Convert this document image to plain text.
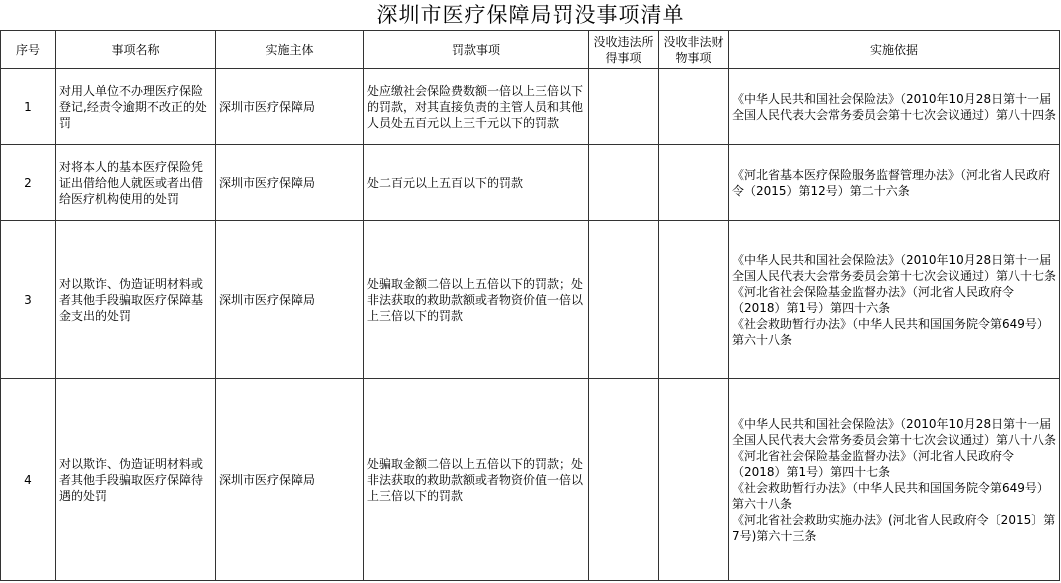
深圳市医疗保障局罚没事项清单
序号	事项名称	实施主体	罚款事项	没收违法所得事项	没收非法财物事项	实施依据
1	对用人单位不办理医疗保险登记,经责令逾期不改正的处罚	深圳市医疗保障局	处应缴社会保险费数额一倍以上三倍以下的罚款，对其直接负责的主管人员和其他人员处五百元以上三千元以下的罚款			《中华人民共和国社会保险法》（2010年10月28日第十一届全国人民代表大会常务委员会第十七次会议通过）第八十四条

2	对将本人的基本医疗保险凭证出借给他人就医或者出借给医疗机构使用的处罚	深圳市医疗保障局	处二百元以上五百以下的罚款			《河北省基本医疗保险服务监督管理办法》（河北省人民政府令（2015）第12号）第二十六条

3	对以欺诈、伪造证明材料或者其他手段骗取医疗保障基金支出的处罚	深圳市医疗保障局	处骗取金额二倍以上五倍以下的罚款；处非法获取的救助款额或者物资价值一倍以上三倍以下的罚款			《中华人民共和国社会保险法》（2010年10月28日第十一届全国人民代表大会常务委员会第十七次会议通过）第八十七条
《河北省社会保险基金监督办法》（河北省人民政府令（2018）第1号）第四十六条
《社会救助暂行办法》（中华人民共和国国务院令第649号）第六十八条

4	对以欺诈、伪造证明材料或者其他手段骗取医疗保障待遇的处罚	深圳市医疗保障局	处骗取金额二倍以上五倍以下的罚款；处非法获取的救助款额或者物资价值一倍以上三倍以下的罚款			《中华人民共和国社会保险法》（2010年10月28日第十一届全国人民代表大会常务委员会第十七次会议通过）第八十八条
《河北省社会保险基金监督办法》（河北省人民政府令（2018）第1号）第四十七条
《社会救助暂行办法》（中华人民共和国国务院令第649号）第六十八条
《河北省社会救助实施办法》(河北省人民政府令〔2015〕第7号)第六十三条
